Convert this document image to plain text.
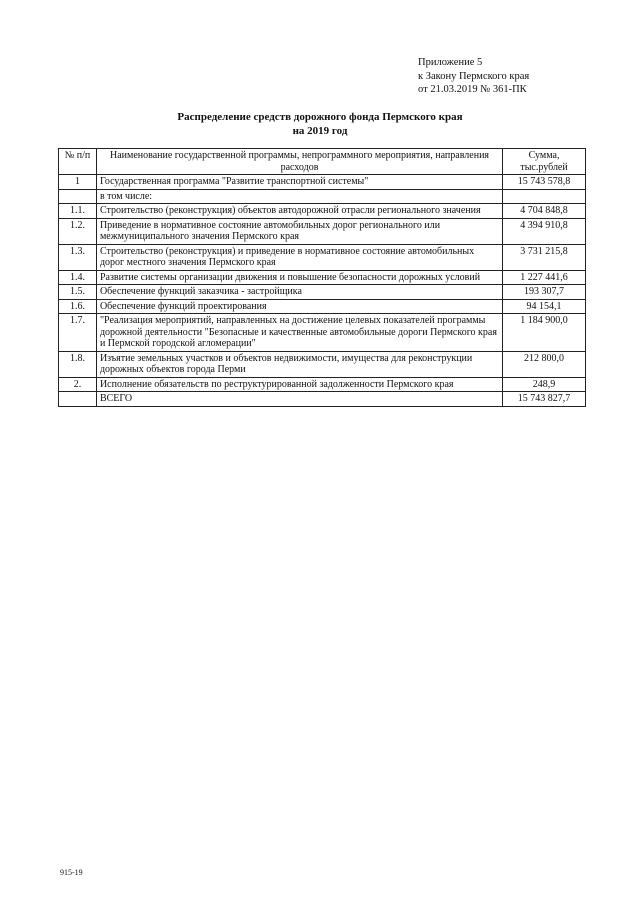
Приложение 5
к Закону Пермского края
от 21.03.2019 № 361-ПК
Распределение средств дорожного фонда Пермского края
на 2019 год
№ п/п	Наименование государственной программы, непрограммного мероприятия, направления расходов	Сумма, тыс.рублей
1	Государственная программа "Развитие транспортной системы"	15 743 578,8
	в том числе:	
1.1.	Строительство (реконструкция) объектов автодорожной отрасли регионального значения	4 704 848,8
1.2.	Приведение в нормативное состояние автомобильных дорог регионального или межмуниципального значения Пермского края	4 394 910,8
1.3.	Строительство (реконструкция) и приведение в нормативное состояние автомобильных дорог местного значения Пермского края	3 731 215,8
1.4.	Развитие системы организации движения и повышение безопасности дорожных условий	1 227 441,6
1.5.	Обеспечение функций заказчика - застройщика	193 307,7
1.6.	Обеспечение функций проектирования	94 154,1
1.7.	"Реализация мероприятий, направленных на достижение целевых показателей программы дорожной деятельности "Безопасные и качественные автомобильные дороги Пермского края и Пермской городской агломерации"	1 184 900,0
1.8.	Изъятие земельных участков и объектов недвижимости, имущества для реконструкции дорожных объектов города Перми	212 800,0
2.	Исполнение обязательств по реструктурированной задолженности Пермского края	248,9
	ВСЕГО	15 743 827,7
915-19
